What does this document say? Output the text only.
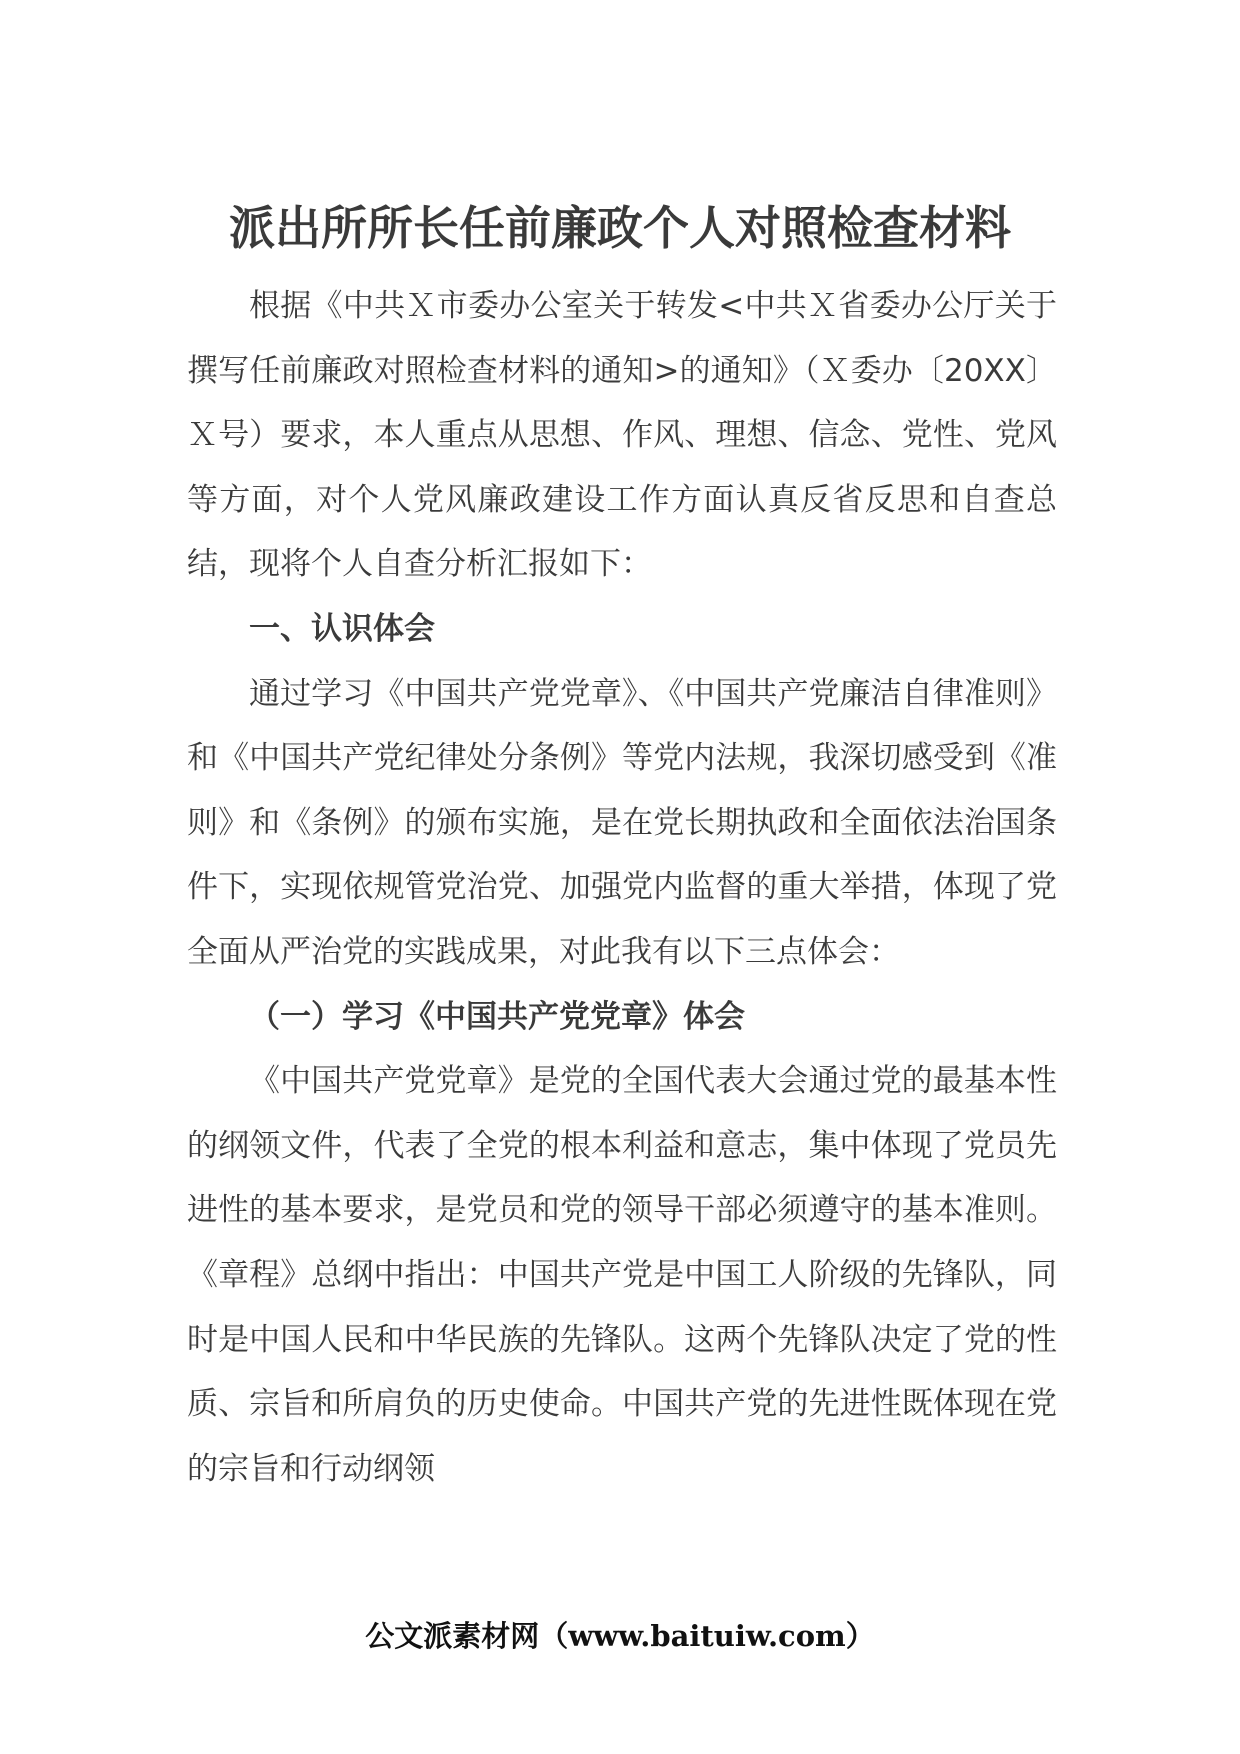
派出所所长任前廉政个人对照检查材料

根据《中共Ｘ市委办公室关于转发<中共Ｘ省委办公厅关于撰写任前廉政对照检查材料的通知>的通知》（Ｘ委办〔20XX〕Ｘ号）要求，本人重点从思想、作风、理想、信念、党性、党风等方面，对个人党风廉政建设工作方面认真反省反思和自查总结，现将个人自查分析汇报如下：

一、认识体会

通过学习《中国共产党党章》、《中国共产党廉洁自律准则》和《中国共产党纪律处分条例》等党内法规，我深切感受到《准则》和《条例》的颁布实施，是在党长期执政和全面依法治国条件下，实现依规管党治党、加强党内监督的重大举措，体现了党全面从严治党的实践成果，对此我有以下三点体会：

（一）学习《中国共产党党章》体会

《中国共产党党章》是党的全国代表大会通过党的最基本性的纲领文件，代表了全党的根本利益和意志，集中体现了党员先进性的基本要求，是党员和党的领导干部必须遵守的基本准则。《章程》总纲中指出：中国共产党是中国工人阶级的先锋队，同时是中国人民和中华民族的先锋队。这两个先锋队决定了党的性质、宗旨和所肩负的历史使命。中国共产党的先进性既体现在党的宗旨和行动纲领

公文派素材网（www.baituiw.com）
